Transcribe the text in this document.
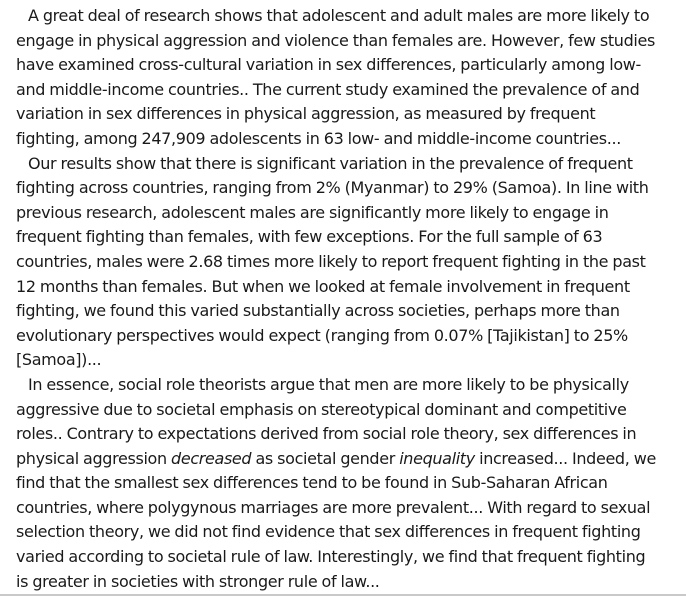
A great deal of research shows that adolescent and adult males are more likely to
engage in physical aggression and violence than females are. However, few studies
have examined cross-cultural variation in sex differences, particularly among low-
and middle-income countries.. The current study examined the prevalence of and
variation in sex differences in physical aggression, as measured by frequent
fighting, among 247,909 adolescents in 63 low- and middle-income countries...

Our results show that there is significant variation in the prevalence of frequent
fighting across countries, ranging from 2% (Myanmar) to 29% (Samoa). In line with
previous research, adolescent males are significantly more likely to engage in
frequent fighting than females, with few exceptions. For the full sample of 63
countries, males were 2.68 times more likely to report frequent fighting in the past
12 months than females. But when we looked at female involvement in frequent
fighting, we found this varied substantially across societies, perhaps more than
evolutionary perspectives would expect (ranging from 0.07% [Tajikistan] to 25%
[Samoa])...

In essence, social role theorists argue that men are more likely to be physically
aggressive due to societal emphasis on stereotypical dominant and competitive
roles.. Contrary to expectations derived from social role theory, sex differences in
physical aggression decreased as societal gender inequality increased... Indeed, we
find that the smallest sex differences tend to be found in Sub-Saharan African
countries, where polygynous marriages are more prevalent... With regard to sexual
selection theory, we did not find evidence that sex differences in frequent fighting
varied according to societal rule of law. Interestingly, we find that frequent fighting
is greater in societies with stronger rule of law...
